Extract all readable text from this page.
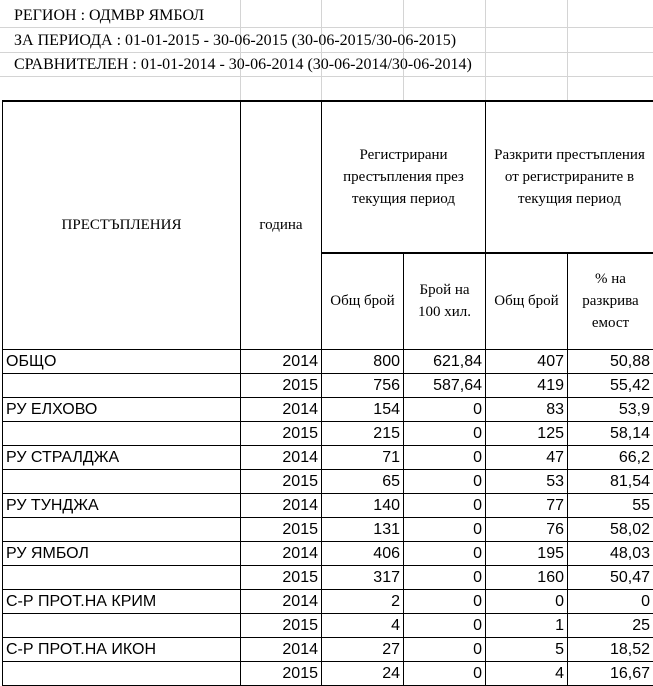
РЕГИОН : ОДМВР ЯМБОЛ
ЗА ПЕРИОДА : 01-01-2015 - 30-06-2015 (30-06-2015/30-06-2015)
СРАВНИТЕЛЕН : 01-01-2014 - 30-06-2014 (30-06-2014/30-06-2014)
ПРЕСТЪПЛЕНИЯ	година	Регистрирани престъпления през текущия период		Разкрити престъпления от регистрираните в текущия период	
		Общ брой	Брой на 100 хил.	Общ брой	% на разкрива емост
ОБЩО	2014	800	621,84	407	50,88
	2015	756	587,64	419	55,42
РУ ЕЛХОВО	2014	154	0	83	53,9
	2015	215	0	125	58,14
РУ СТРАЛДЖА	2014	71	0	47	66,2
	2015	65	0	53	81,54
РУ ТУНДЖА	2014	140	0	77	55
	2015	131	0	76	58,02
РУ ЯМБОЛ	2014	406	0	195	48,03
	2015	317	0	160	50,47
С-Р ПРОТ.НА КРИМ	2014	2	0	0	0
	2015	4	0	1	25
С-Р ПРОТ.НА ИКОН	2014	27	0	5	18,52
	2015	24	0	4	16,67
